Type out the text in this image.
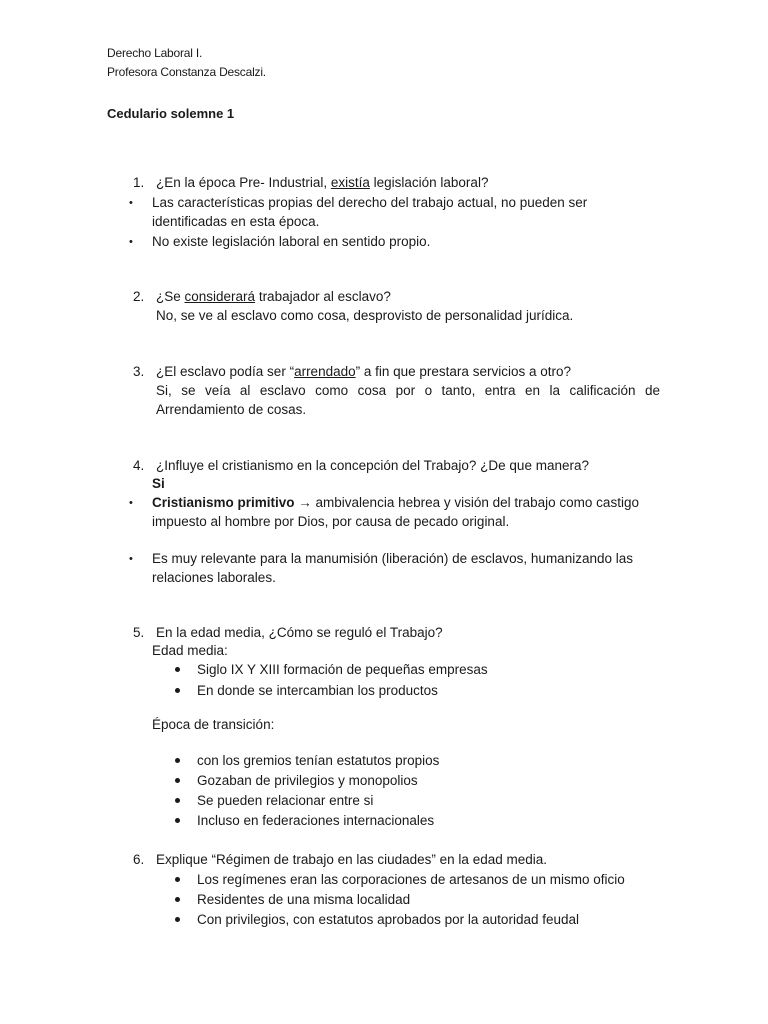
Derecho Laboral I.
Profesora Constanza Descalzi.
Cedulario solemne 1
1. ¿En la época Pre- Industrial, existía legislación laboral?
• Las características propias del derecho del trabajo actual, no pueden ser
identificadas en esta época.
• No existe legislación laboral en sentido propio.
2. ¿Se considerará trabajador al esclavo?
No, se ve al esclavo como cosa, desprovisto de personalidad jurídica.
3. ¿El esclavo podía ser “arrendado” a fin que prestara servicios a otro?
Si, se veía al esclavo como cosa por o tanto, entra en la calificación de
Arrendamiento de cosas.
4. ¿Influye el cristianismo en la concepción del Trabajo? ¿De que manera?
Si
• Cristianismo primitivo → ambivalencia hebrea y visión del trabajo como castigo
impuesto al hombre por Dios, por causa de pecado original.
• Es muy relevante para la manumisión (liberación) de esclavos, humanizando las
relaciones laborales.
5. En la edad media, ¿Cómo se reguló el Trabajo?
Edad media:
Siglo IX Y XIII formación de pequeñas empresas
En donde se intercambian los productos
Época de transición:
con los gremios tenían estatutos propios
Gozaban de privilegios y monopolios
Se pueden relacionar entre si
Incluso en federaciones internacionales
6. Explique “Régimen de trabajo en las ciudades” en la edad media.
Los regímenes eran las corporaciones de artesanos de un mismo oficio
Residentes de una misma localidad
Con privilegios, con estatutos aprobados por la autoridad feudal
